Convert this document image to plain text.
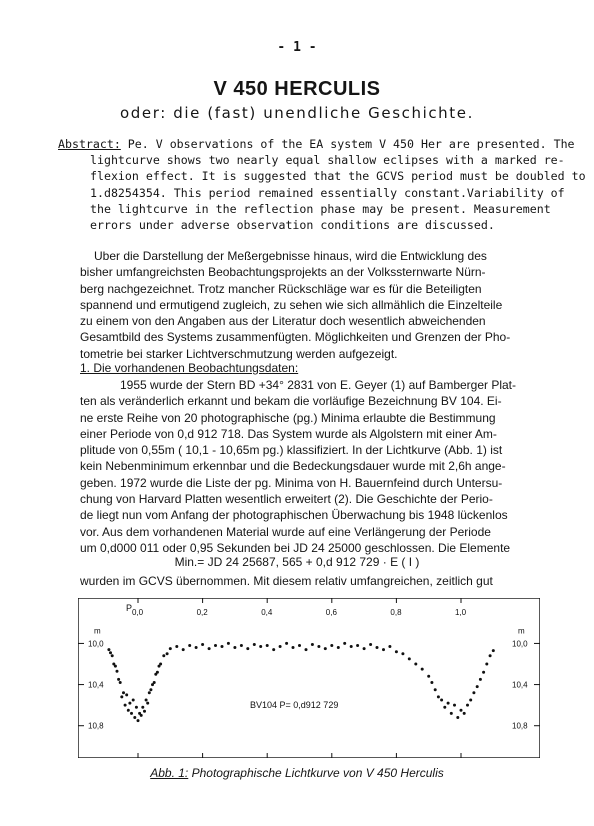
- 1 -
V 450 HERCULIS
oder: die (fast) unendliche Geschichte.
Abstract: Pe. V observations of the EA system V 450 Her are presented. The
lightcurve shows two nearly equal shallow eclipses with a marked re-
flexion effect. It is suggested that the GCVS period must be doubled to
1.d8254354. This period remained essentially constant.Variability of
the lightcurve in the reflection phase may be present. Measurement
errors under adverse observation conditions are discussed.
Uber die Darstellung der Meßergebnisse hinaus, wird die Entwicklung des
bisher umfangreichsten Beobachtungsprojekts an der Volkssternwarte Nürn-
berg nachgezeichnet. Trotz mancher Rückschläge war es für die Beteiligten
spannend und ermutigend zugleich, zu sehen wie sich allmählich die Einzelteile
zu einem von den Angaben aus der Literatur doch wesentlich abweichenden
Gesamtbild des Systems zusammenfügten. Möglichkeiten und Grenzen der Pho-
tometrie bei starker Lichtverschmutzung werden aufgezeigt.
1. Die vorhandenen Beobachtungsdaten:
1955 wurde der Stern BD +34° 2831 von E. Geyer (1) auf Bamberger Plat-
ten als veränderlich erkannt und bekam die vorläufige Bezeichnung BV 104. Ei-
ne erste Reihe von 20 photographische (pg.) Minima erlaubte die Bestimmung
einer Periode von 0,d 912 718. Das System wurde als Algolstern mit einer Am-
plitude von 0,55m ( 10,1 - 10,65m pg.) klassifiziert. In der Lichtkurve (Abb. 1) ist
kein Nebenminimum erkennbar und die Bedeckungsdauer wurde mit 2,6h ange-
geben. 1972 wurde die Liste der pg. Minima von H. Bauernfeind durch Untersu-
chung von Harvard Platten wesentlich erweitert (2). Die Geschichte der Perio-
de liegt nun vom Anfang der photographischen Überwachung bis 1948 lückenlos
vor. Aus dem vorhandenen Material wurde auf eine Verlängerung der Periode
um 0,d000 011 oder 0,95 Sekunden bei JD 24 25000 geschlossen. Die Elemente
Min.= JD 24 25687, 565 + 0,d 912 729 · E ( I )
wurden im GCVS übernommen. Mit diesem relativ umfangreichen, zeitlich gut
0,0	0,2	0,4	0,6	0,8	1,0
P
10,0	10,0
10,4	10,4
10,8	10,8
m	m
BV104 P= 0,d912 729
Abb. 1: Photographische Lichtkurve von V 450 Herculis
